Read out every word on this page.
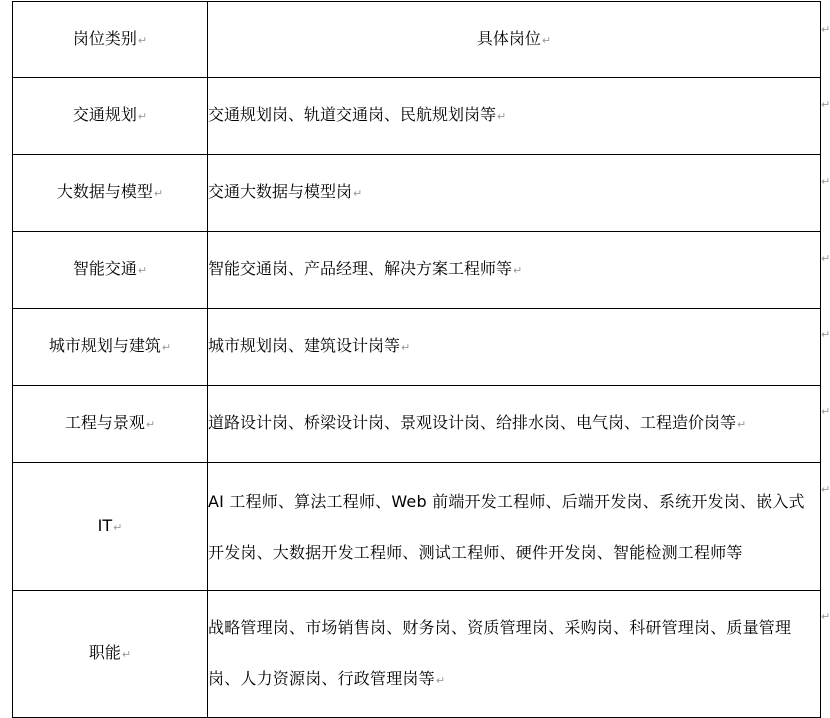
岗位类别↵	具体岗位↵
交通规划↵	交通规划岗、轨道交通岗、民航规划岗等↵
大数据与模型↵	交通大数据与模型岗↵
智能交通↵	智能交通岗、产品经理、解决方案工程师等↵
城市规划与建筑↵	城市规划岗、建筑设计岗等↵
工程与景观↵	道路设计岗、桥梁设计岗、景观设计岗、给排水岗、电气岗、工程造价岗等↵
IT↵	AI 工程师、算法工程师、Web 前端开发工程师、后端开发岗、系统开发岗、嵌入式开发岗、大数据开发工程师、测试工程师、硬件开发岗、智能检测工程师等
职能↵	战略管理岗、市场销售岗、财务岗、资质管理岗、采购岗、科研管理岗、质量管理岗、人力资源岗、行政管理岗等↵
↵
↵
↵
↵
↵
↵
↵
↵
